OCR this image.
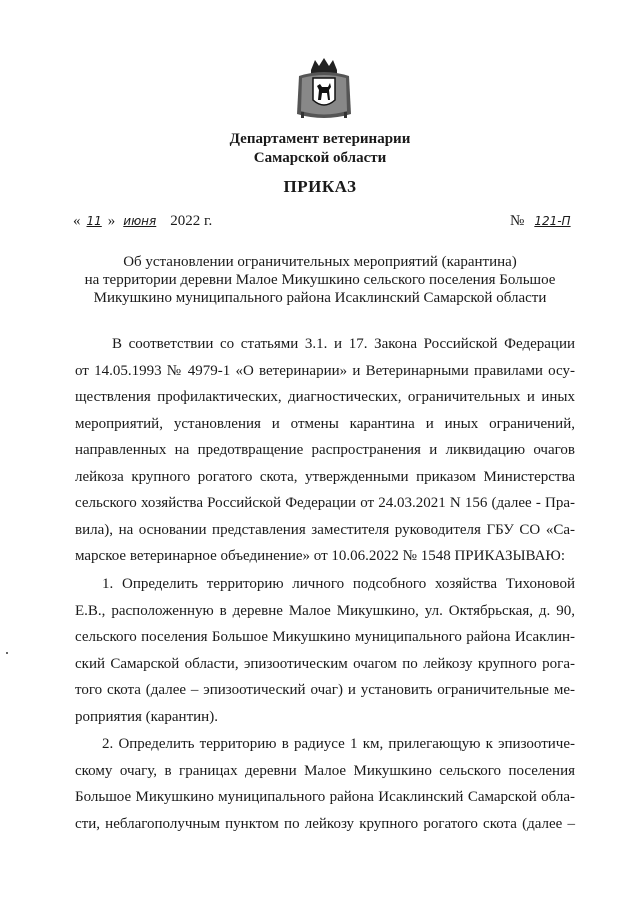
Департамент ветеринарии
Самарской области
ПРИКАЗ
« 11 » июня 2022 г.	№ 121-П
Об установлении ограничительных мероприятий (карантина)
на территории деревни Малое Микушкино сельского поселения Большое
Микушкино муниципального района Исаклинский Самарской области
В соответствии со статьями 3.1. и 17. Закона Российской Федерации
от 14.05.1993 № 4979-1 «О ветеринарии» и Ветеринарными правилами осу-
ществления профилактических, диагностических, ограничительных и иных
мероприятий, установления и отмены карантина и иных ограничений,
направленных на предотвращение распространения и ликвидацию очагов
лейкоза крупного рогатого скота, утвержденными приказом Министерства
сельского хозяйства Российской Федерации от 24.03.2021 N 156 (далее - Пра-
вила), на основании представления заместителя руководителя ГБУ СО «Са-
марское ветеринарное объединение» от 10.06.2022 № 1548 ПРИКАЗЫВАЮ:
1. Определить территорию личного подсобного хозяйства Тихоновой
Е.В., расположенную в деревне Малое Микушкино, ул. Октябрьская, д. 90,
сельского поселения Большое Микушкино муниципального района Исаклин-
ский Самарской области, эпизоотическим очагом по лейкозу крупного рога-
того скота (далее – эпизоотический очаг) и установить ограничительные ме-
роприятия (карантин).
2. Определить территорию в радиусе 1 км, прилегающую к эпизоотиче-
скому очагу, в границах деревни Малое Микушкино сельского поселения
Большое Микушкино муниципального района Исаклинский Самарской обла-
сти, неблагополучным пунктом по лейкозу крупного рогатого скота (далее –
